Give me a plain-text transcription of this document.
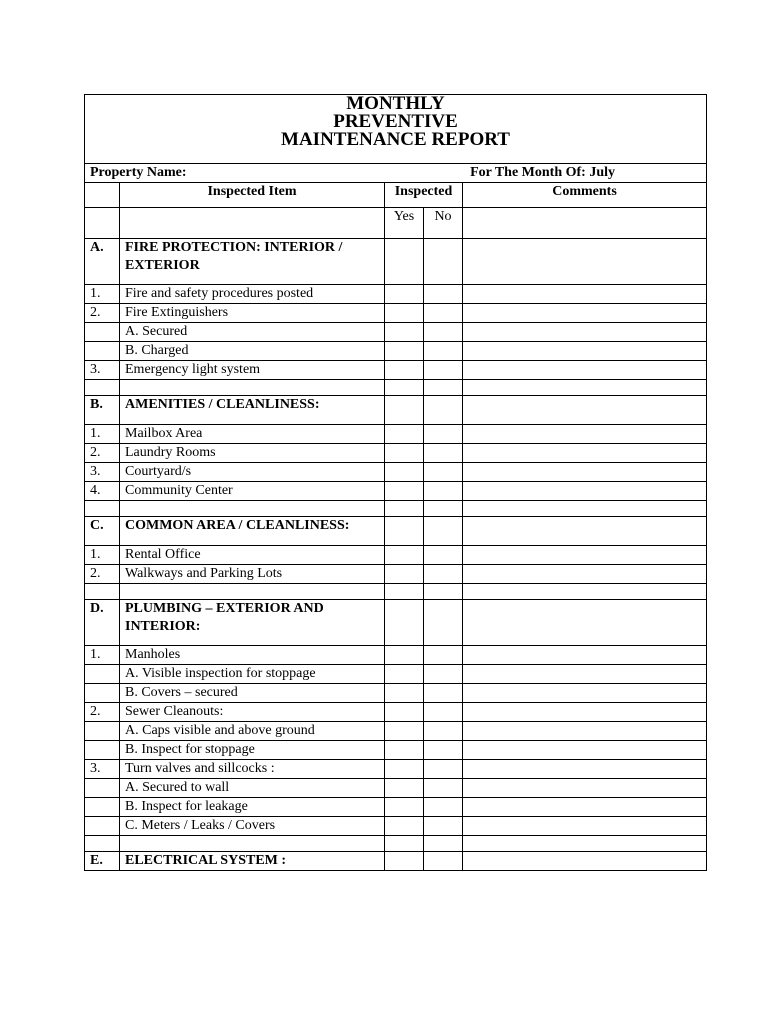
MONTHLY
PREVENTIVE
MAINTENANCE REPORT				

Property Name: For The Month Of: July				

	Inspected Item	Inspected		Comments
		Yes	No	
A.	FIRE PROTECTION: INTERIOR / EXTERIOR			
1.	Fire and safety procedures posted			
2.	Fire Extinguishers			
	A. Secured			
	B. Charged			
3.	Emergency light system			

B.	AMENITIES / CLEANLINESS:			
1.	Mailbox Area			
2.	Laundry Rooms			
3.	Courtyard/s			
4.	Community Center			

C.	COMMON AREA / CLEANLINESS:			
1.	Rental Office			
2.	Walkways and Parking Lots			

D.	PLUMBING – EXTERIOR AND INTERIOR:			
1.	Manholes			
	A. Visible inspection for stoppage			
	B. Covers – secured			
2.	Sewer Cleanouts:			
	A. Caps visible and above ground			
	B. Inspect for stoppage			
3.	Turn valves and sillcocks :			
	A. Secured to wall			
	B. Inspect for leakage			
	C. Meters / Leaks / Covers			

E.	ELECTRICAL SYSTEM :			
